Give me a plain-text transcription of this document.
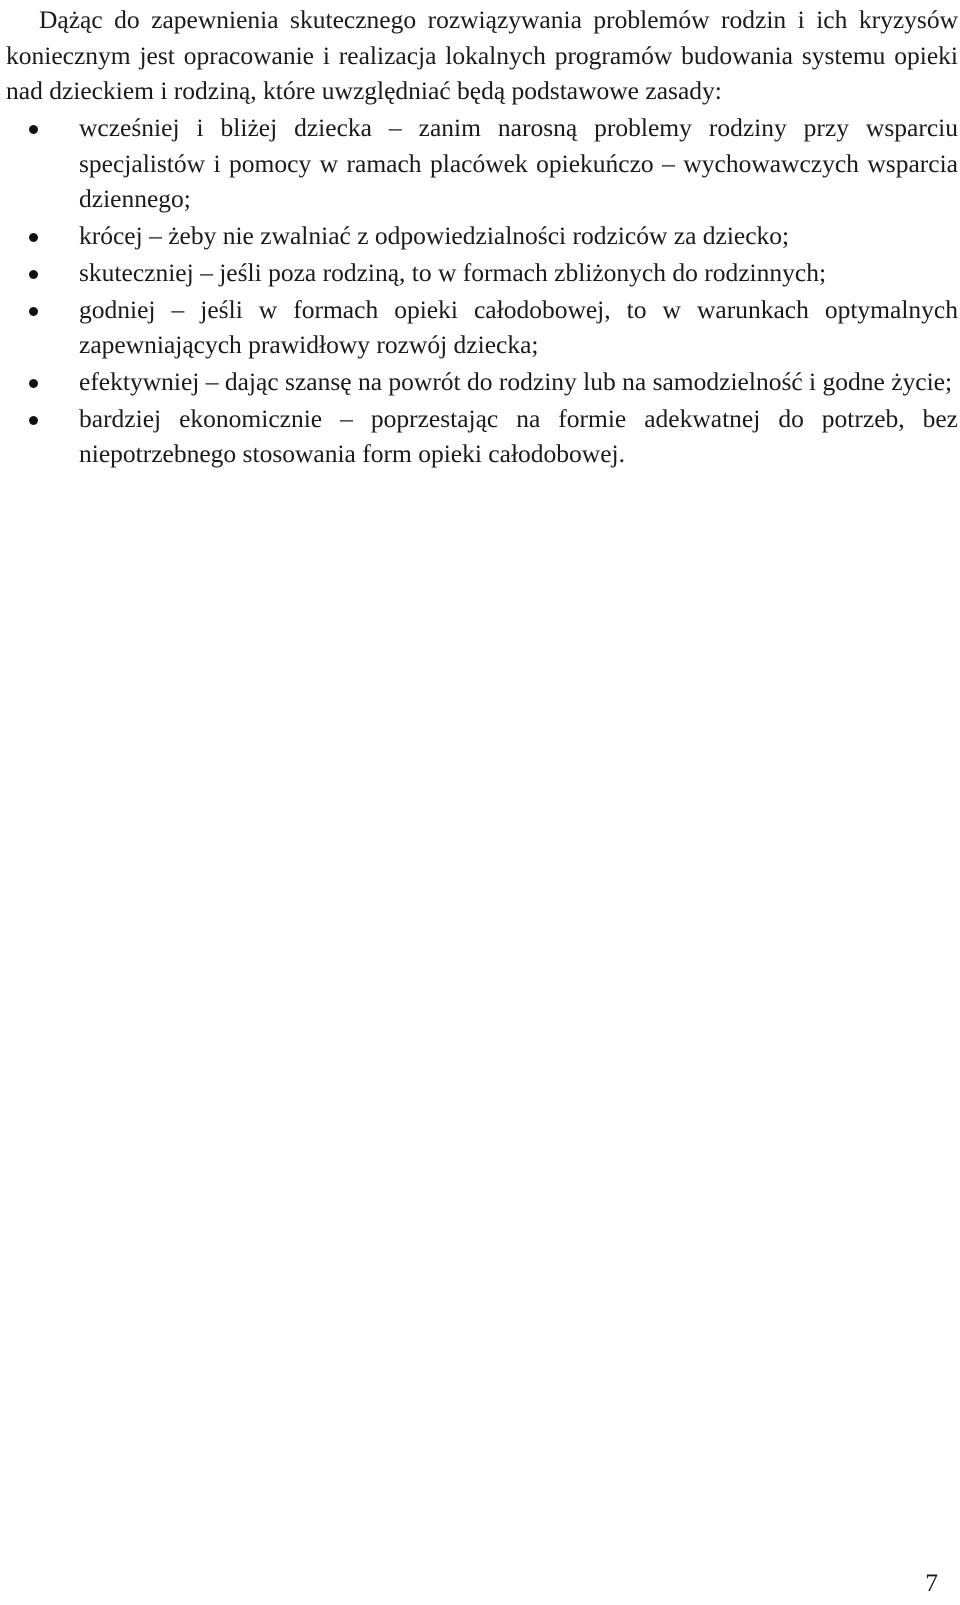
Dążąc do zapewnienia skutecznego rozwiązywania problemów rodzin i ich kryzysów koniecznym jest opracowanie i realizacja lokalnych programów budowania systemu opieki nad dzieckiem i rodziną, które uwzględniać będą podstawowe zasady:

wcześniej i bliżej dziecka – zanim narosną problemy rodziny przy wsparciu specjalistów i pomocy w ramach placówek opiekuńczo – wychowawczych wsparcia dziennego;
krócej – żeby nie zwalniać z odpowiedzialności rodziców za dziecko;
skuteczniej – jeśli poza rodziną, to w formach zbliżonych do rodzinnych;
godniej – jeśli w formach opieki całodobowej, to w warunkach optymalnych zapewniających prawidłowy rozwój dziecka;
efektywniej – dając szansę na powrót do rodziny lub na samodzielność i godne życie;
bardziej ekonomicznie – poprzestając na formie adekwatnej do potrzeb, bez niepotrzebnego stosowania form opieki całodobowej.
7
